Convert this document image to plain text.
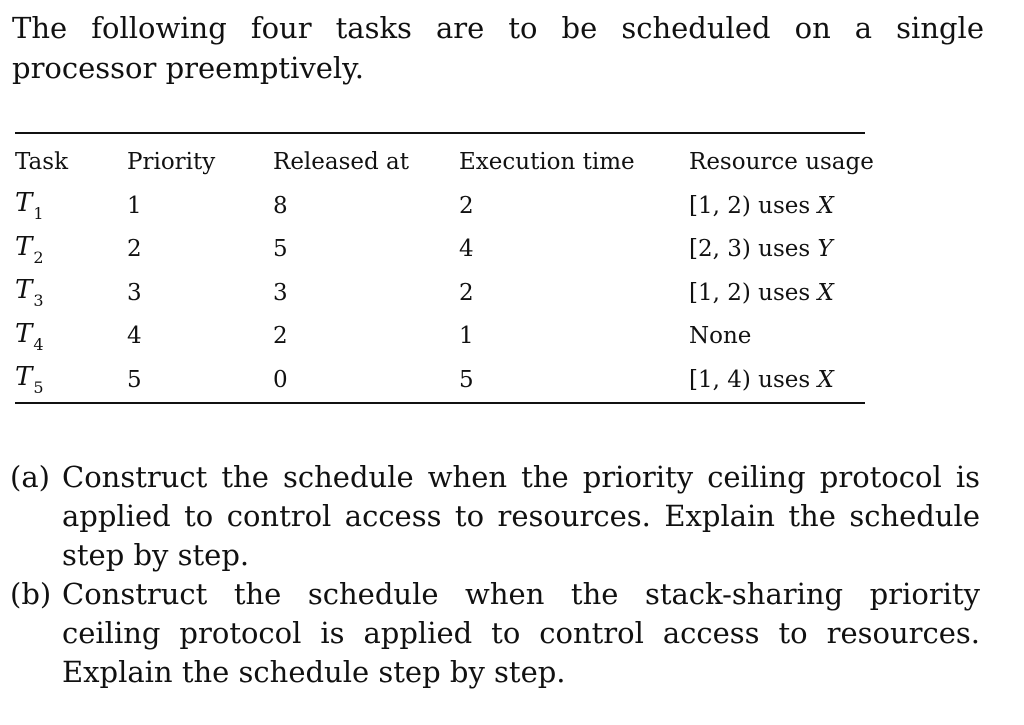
The following four tasks are to be scheduled on a single processor preemptively.

Task	Priority	Released at	Execution time	Resource usage
$T_1$	1	8	2	[1, 2) uses X
$T_2$	2	5	4	[2, 3) uses Y
$T_3$	3	3	2	[1, 2) uses X
$T_4$	4	2	1	None
$T_5$	5	0	5	[1, 4) uses X
(a) Construct the schedule when the priority ceiling protocol is applied to control access to resources. Explain the schedule step by step.
(b) Construct the schedule when the stack-sharing priority ceiling protocol is applied to control access to resources. Explain the schedule step by step.
